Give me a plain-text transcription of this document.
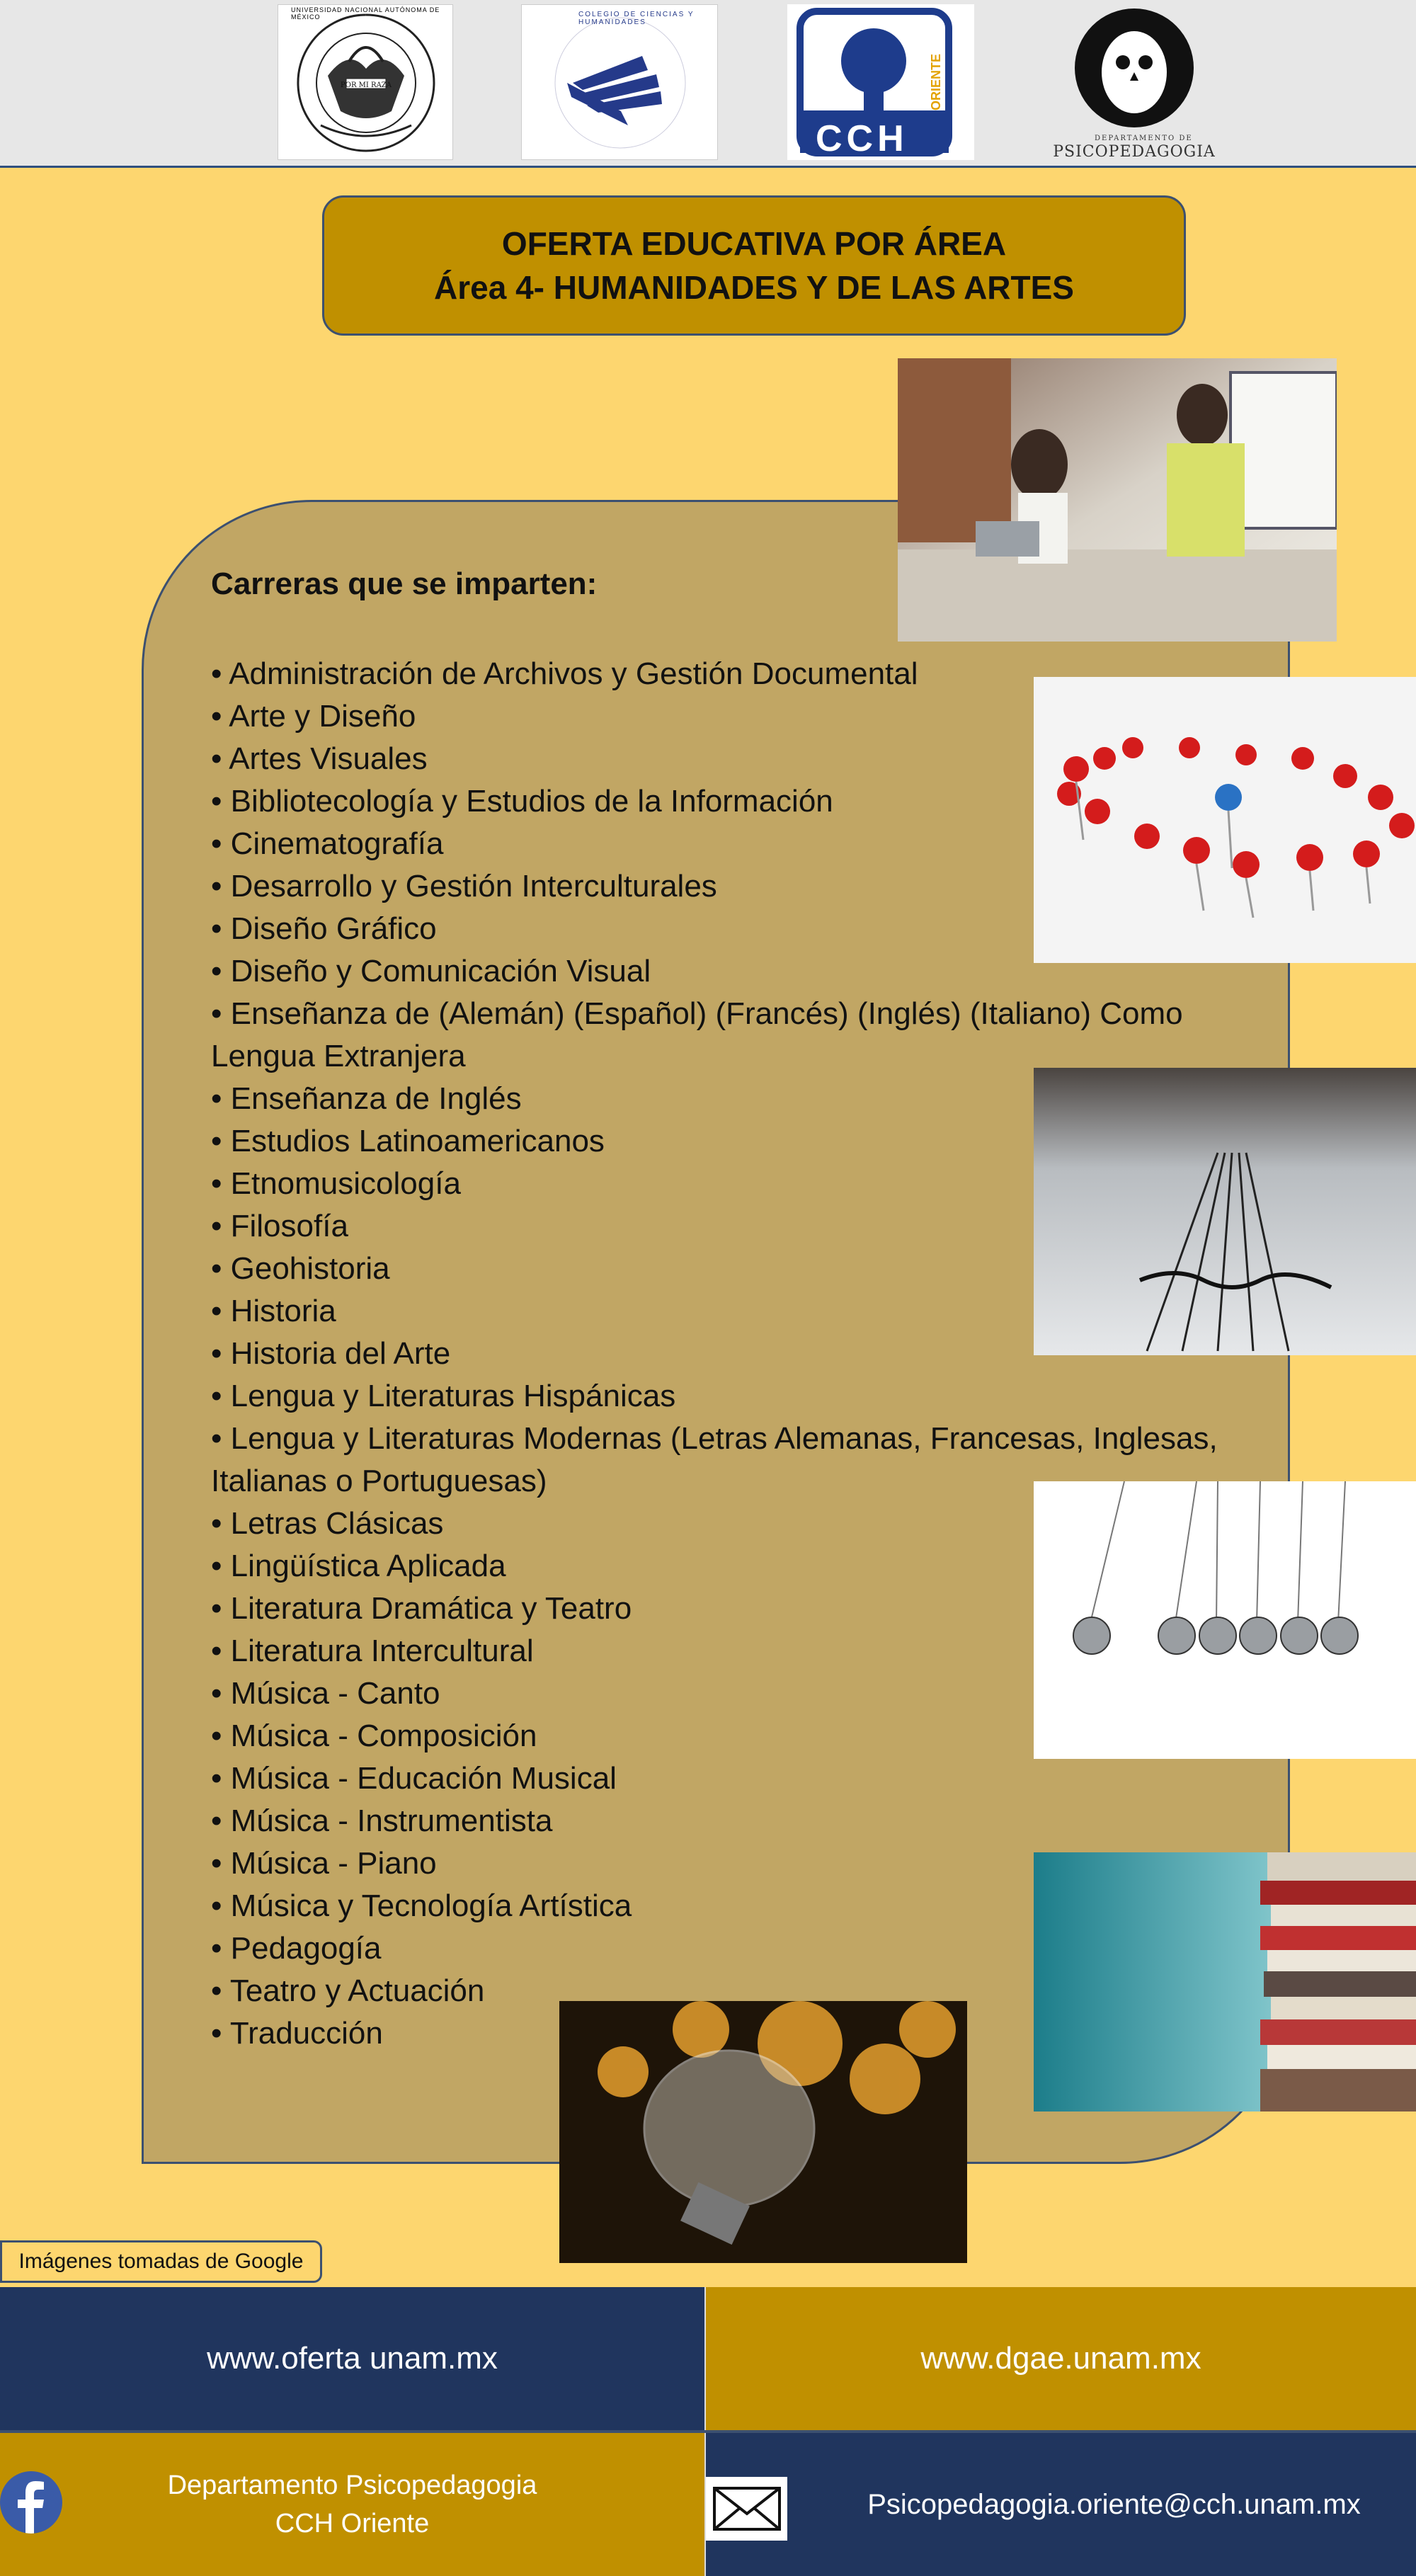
POR MI RAZA
UNIVERSIDAD NACIONAL AUTÓNOMA DE MÉXICO	COLEGIO DE CIENCIAS Y HUMANIDADES
CCH
ORIENTE
DEPARTAMENTO DE
PSICOPEDAGOGIA
OFERTA EDUCATIVA POR ÁREA
Área 4- HUMANIDADES Y DE LAS ARTES
Carreras que se imparten:
• Administración de Archivos y Gestión Documental
• Arte y Diseño
• Artes Visuales
• Bibliotecología y Estudios de la Información
• Cinematografía
• Desarrollo y Gestión Interculturales
• Diseño Gráfico
• Diseño y Comunicación Visual
• Enseñanza de (Alemán) (Español) (Francés) (Inglés) (Italiano) Como Lengua Extranjera
• Enseñanza de Inglés
• Estudios Latinoamericanos
• Etnomusicología
• Filosofía
• Geohistoria
• Historia
• Historia del Arte
• Lengua y Literaturas Hispánicas
• Lengua y Literaturas Modernas (Letras Alemanas, Francesas, Inglesas, Italianas o Portuguesas)
• Letras Clásicas
• Lingüística Aplicada
• Literatura Dramática y Teatro
• Literatura Intercultural
• Música - Canto
• Música - Composición
• Música - Educación Musical
• Música - Instrumentista
• Música - Piano
• Música y Tecnología Artística
• Pedagogía
• Teatro y Actuación
• Traducción
Imágenes tomadas de Google
www.oferta unam.mx	www.dgae.unam.mx
Departamento Psicopedagogia
CCH Oriente
Psicopedagogia.oriente@cch.unam.mx
